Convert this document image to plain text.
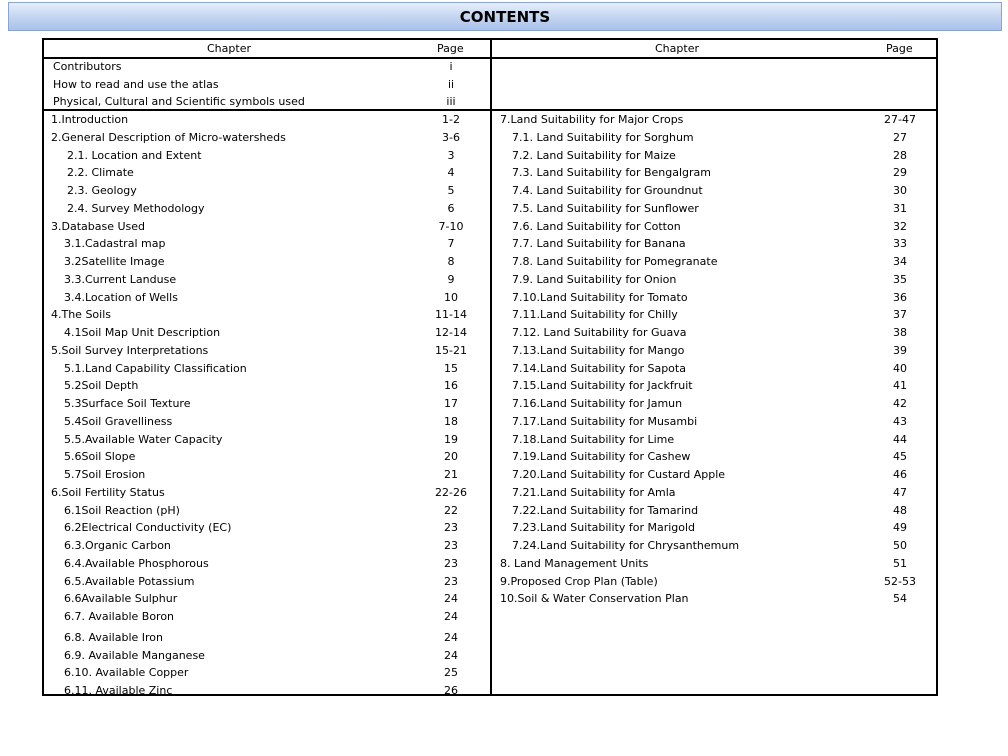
CONTENTS
Chapter	Page	Chapter	Page
Contributors	i
How to read and use the atlas	ii
Physical, Cultural and Scientific symbols used	iii
1.Introduction	1-2
2.General Description of Micro-watersheds	3-6
2.1. Location and Extent	3
2.2. Climate	4
2.3. Geology	5
2.4. Survey Methodology	6
3.Database Used	7-10
3.1.Cadastral map	7
3.2Satellite Image	8
3.3.Current Landuse	9
3.4.Location of Wells	10
4.The Soils	11-14
4.1Soil Map Unit Description	12-14
5.Soil Survey Interpretations	15-21
5.1.Land Capability Classification	15
5.2Soil Depth	16
5.3Surface Soil Texture	17
5.4Soil Gravelliness	18
5.5.Available Water Capacity	19
5.6Soil Slope	20
5.7Soil Erosion	21
6.Soil Fertility Status	22-26
6.1Soil Reaction (pH)	22
6.2Electrical Conductivity (EC)	23
6.3.Organic Carbon	23
6.4.Available Phosphorous	23
6.5.Available Potassium	23
6.6Available Sulphur	24
6.7. Available Boron	24
6.8. Available Iron	24
6.9. Available Manganese	24
6.10. Available Copper	25
6.11. Available Zinc	26
7.Land Suitability for Major Crops	27-47
7.1. Land Suitability for Sorghum	27
7.2. Land Suitability for Maize	28
7.3. Land Suitability for Bengalgram	29
7.4. Land Suitability for Groundnut	30
7.5. Land Suitability for Sunflower	31
7.6. Land Suitability for Cotton	32
7.7. Land Suitability for Banana	33
7.8. Land Suitability for Pomegranate	34
7.9. Land Suitability for Onion	35
7.10.Land Suitability for Tomato	36
7.11.Land Suitability for Chilly	37
7.12. Land Suitability for Guava	38
7.13.Land Suitability for Mango	39
7.14.Land Suitability for Sapota	40
7.15.Land Suitability for Jackfruit	41
7.16.Land Suitability for Jamun	42
7.17.Land Suitability for Musambi	43
7.18.Land Suitability for Lime	44
7.19.Land Suitability for Cashew	45
7.20.Land Suitability for Custard Apple	46
7.21.Land Suitability for Amla	47
7.22.Land Suitability for Tamarind	48
7.23.Land Suitability for Marigold	49
7.24.Land Suitability for Chrysanthemum	50
8. Land Management Units	51
9.Proposed Crop Plan (Table)	52-53
10.Soil & Water Conservation Plan	54
